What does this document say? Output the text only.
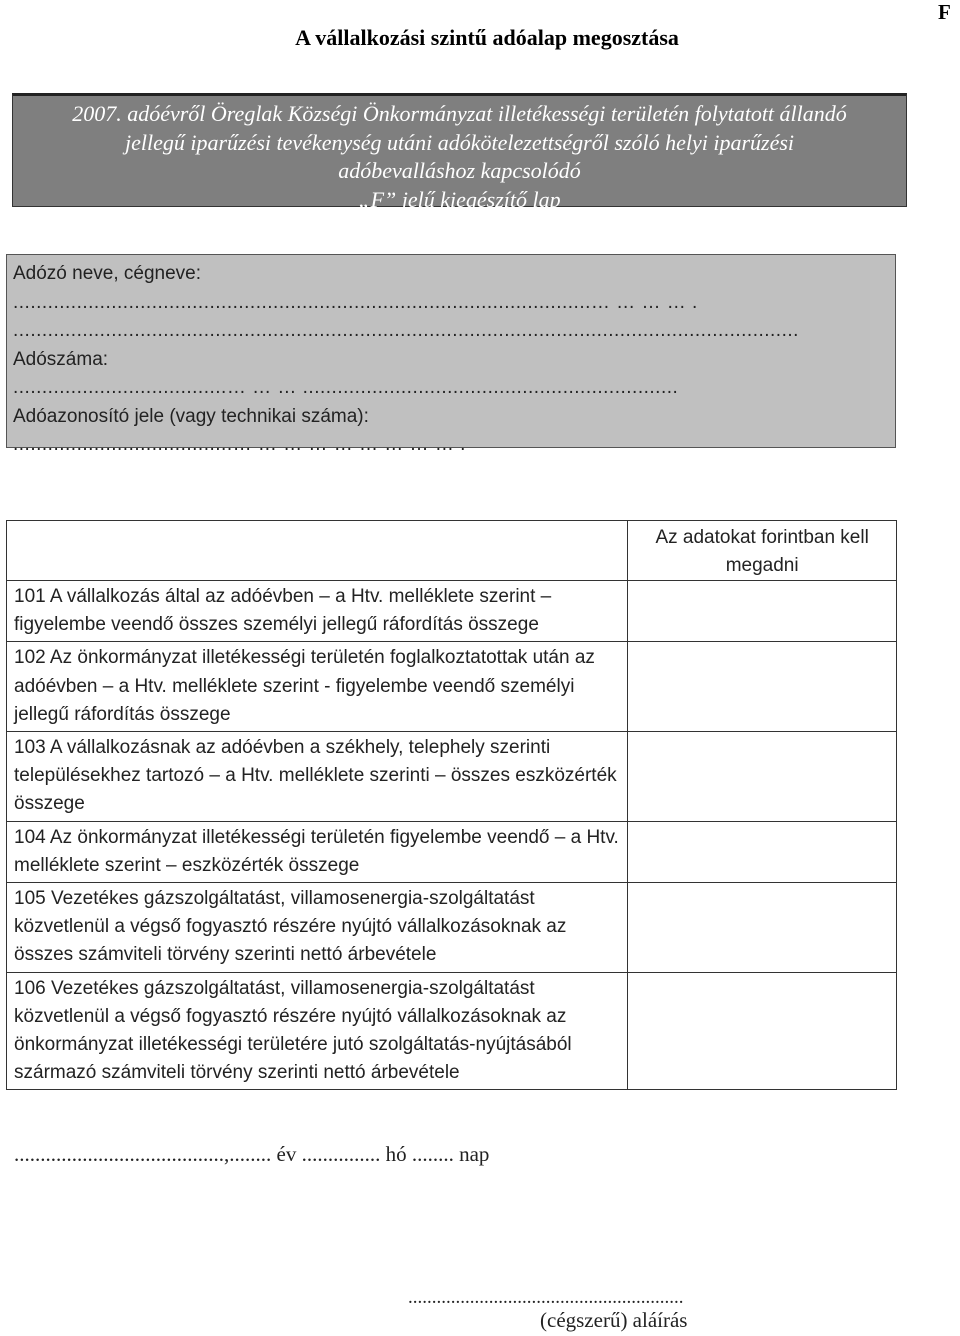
F
A vállalkozási szintű adóalap megosztása
2007. adóévről Öreglak Községi Önkormányzat illetékességi területén folytatott állandó
jellegű iparűzési tevékenység utáni adókötelezettségről szóló helyi iparűzési
adóbevalláshoz kapcsolódó
„F” jelű kiegészítő lap
Adózó neve, cégneve:
....................................................................................................… … … … .
........................................................................................................................................
Adószáma:
.....................................… … … .................................................................
Adóazonosító jele (vagy technikai száma):
......................................… … … … … … … … … .
	Az adatokat forintban kell megadni
101 A vállalkozás által az adóévben – a Htv. melléklete szerint – figyelembe veendő összes személyi jellegű ráfordítás összege	
102 Az önkormányzat illetékességi területén foglalkoztatottak után az adóévben – a Htv. melléklete szerint - figyelembe veendő személyi jellegű ráfordítás összege	
103 A vállalkozásnak az adóévben a székhely, telephely szerinti településekhez tartozó – a Htv. melléklete szerinti – összes eszközérték összege	
104 Az önkormányzat illetékességi területén figyelembe veendő – a Htv. melléklete szerint – eszközérték összege	
105 Vezetékes gázszolgáltatást, villamosenergia-szolgáltatást közvetlenül a végső fogyasztó részére nyújtó vállalkozásoknak az összes számviteli törvény szerinti nettó árbevétele	
106 Vezetékes gázszolgáltatást, villamosenergia-szolgáltatást közvetlenül a végső fogyasztó részére nyújtó vállalkozásoknak az önkormányzat illetékességi területére jutó szolgáltatás-nyújtásából származó számviteli törvény szerinti nettó árbevétele	
........................................,........ év ............... hó ........ nap
..........................................................
(cégszerű) aláírás
